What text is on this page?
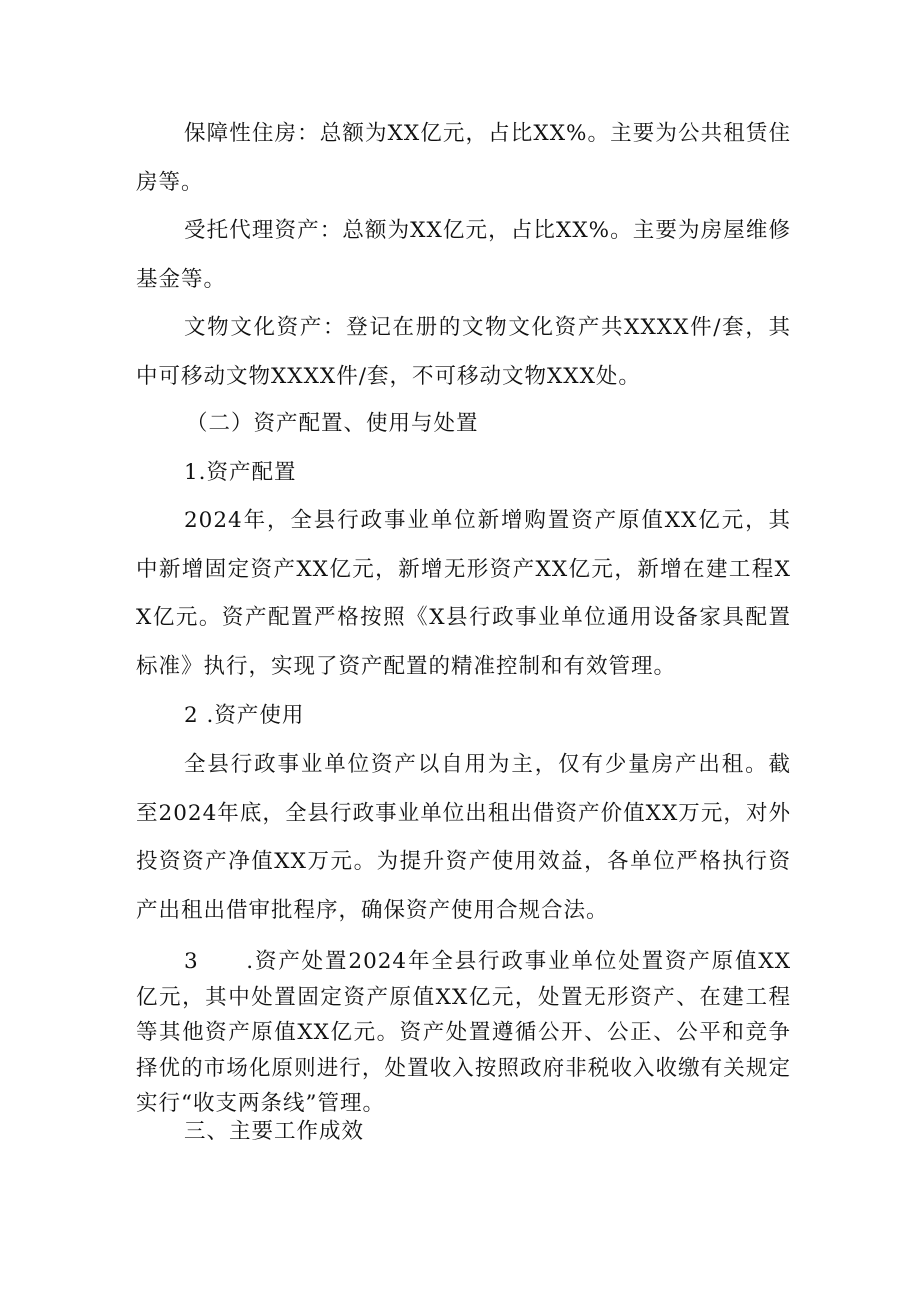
保障性住房：总额为XX亿元，占比XX%。主要为公共租赁住房等。

受托代理资产：总额为XX亿元，占比XX%。主要为房屋维修基金等。

文物文化资产：登记在册的文物文化资产共XXXX件/套，其中可移动文物XXXX件/套，不可移动文物XXX处。

（二）资产配置、使用与处置
1.资产配置

2024年，全县行政事业单位新增购置资产原值XX亿元，其中新增固定资产XX亿元，新增无形资产XX亿元，新增在建工程XX亿元。资产配置严格按照《X县行政事业单位通用设备家具配置标准》执行，实现了资产配置的精准控制和有效管理。

2 .资产使用

全县行政事业单位资产以自用为主，仅有少量房产出租。截至2024年底，全县行政事业单位出租出借资产价值XX万元，对外投资资产净值XX万元。为提升资产使用效益，各单位严格执行资产出租出借审批程序，确保资产使用合规合法。

3　　.资产处置2024年全县行政事业单位处置资产原值XX亿元，其中处置固定资产原值XX亿元，处置无形资产、在建工程等其他资产原值XX亿元。资产处置遵循公开、公正、公平和竞争择优的市场化原则进行，处置收入按照政府非税收入收缴有关规定实行“收支两条线”管理。

三、主要工作成效
